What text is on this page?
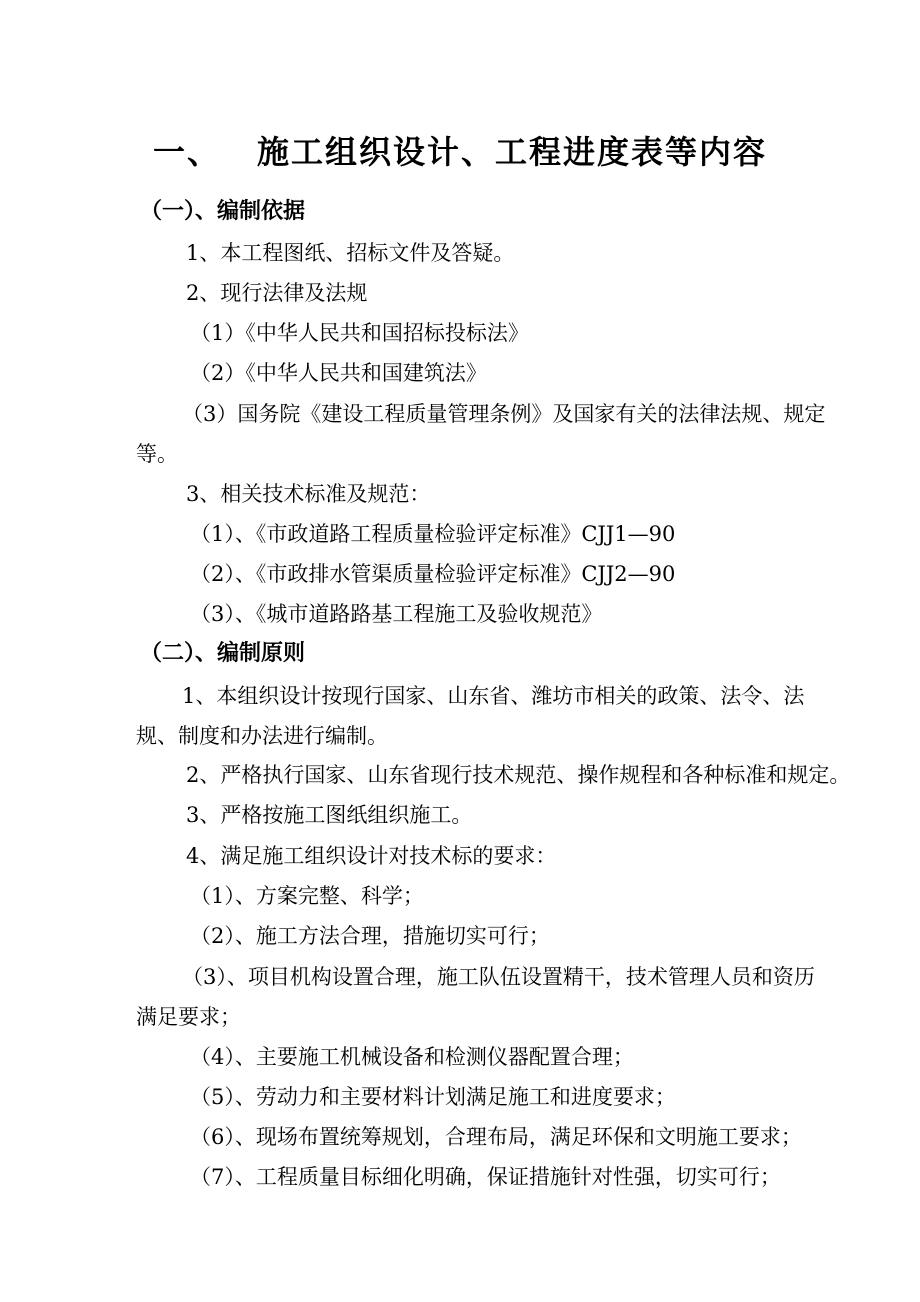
一、 施工组织设计、工程进度表等内容
（一）、编制依据
1、本工程图纸、招标文件及答疑。
2、现行法律及法规
（1）《中华人民共和国招标投标法》
（2）《中华人民共和国建筑法》
（3）国务院《建设工程质量管理条例》及国家有关的法律法规、规定等。
3、相关技术标准及规范：
（1）、《市政道路工程质量检验评定标准》CJJ1—90
（2）、《市政排水管渠质量检验评定标准》CJJ2—90
（3）、《城市道路路基工程施工及验收规范》
（二）、编制原则
1、本组织设计按现行国家、山东省、潍坊市相关的政策、法令、法规、制度和办法进行编制。
2、严格执行国家、山东省现行技术规范、操作规程和各种标准和规定。
3、严格按施工图纸组织施工。
4、满足施工组织设计对技术标的要求：
（1）、方案完整、科学；
（2）、施工方法合理，措施切实可行；
（3）、项目机构设置合理，施工队伍设置精干，技术管理人员和资历满足要求；
（4）、主要施工机械设备和检测仪器配置合理；
（5）、劳动力和主要材料计划满足施工和进度要求；
（6）、现场布置统筹规划，合理布局，满足环保和文明施工要求；
（7）、工程质量目标细化明确，保证措施针对性强，切实可行；
